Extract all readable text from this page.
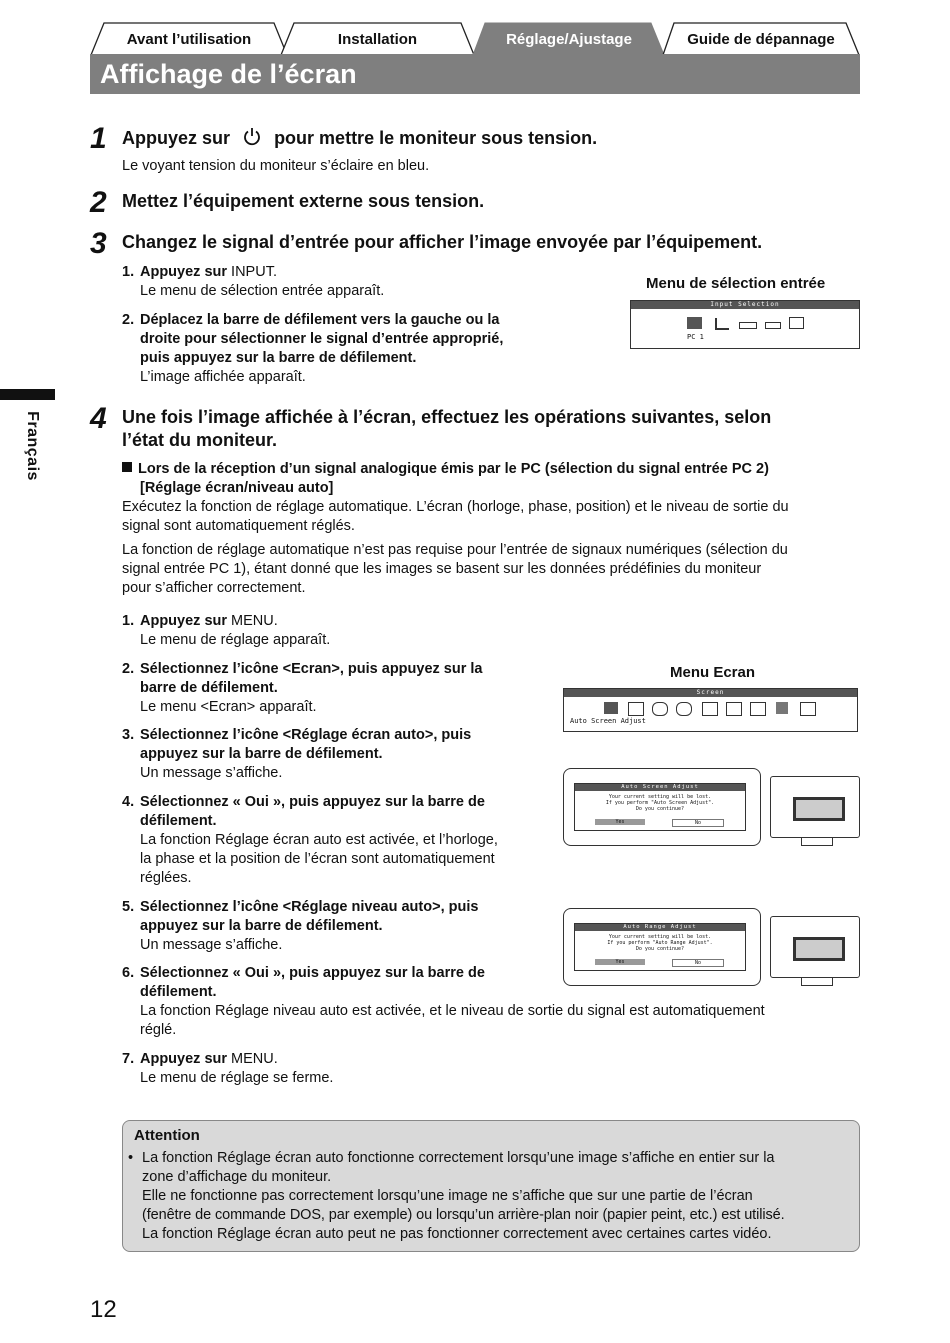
Avant l’utilisation	Installation	Réglage/Ajustage	Guide de dépannage
Affichage de l’écran
Français
1 Appuyez sur pour mettre le moniteur sous tension.
Le voyant tension du moniteur s’éclaire en bleu.
2 Mettez l’équipement externe sous tension.
3 Changez le signal d’entrée pour afficher l’image envoyée par l’équipement.
1. Appuyez sur INPUT.
Le menu de sélection entrée apparaît.
2. Déplacez la barre de défilement vers la gauche ou la
droite pour sélectionner le signal d’entrée approprié,
puis appuyez sur la barre de défilement.
L’image affichée apparaît.
Menu de sélection entrée
Input Selection
PC 1
4 Une fois l’image affichée à l’écran, effectuez les opérations suivantes, selon
l’état du moniteur.
Lors de la réception d’un signal analogique émis par le PC (sélection du signal entrée PC 2)
[Réglage écran/niveau auto]
Exécutez la fonction de réglage automatique. L’écran (horloge, phase, position) et le niveau de sortie du
signal sont automatiquement réglés.
La fonction de réglage automatique n’est pas requise pour l’entrée de signaux numériques (sélection du
signal entrée PC 1), étant donné que les images se basent sur les données prédéfinies du moniteur
pour s’afficher correctement.
1. Appuyez sur MENU.
Le menu de réglage apparaît.
2. Sélectionnez l’icône <Ecran>, puis appuyez sur la
barre de défilement.
Le menu <Ecran> apparaît.
3. Sélectionnez l’icône <Réglage écran auto>, puis
appuyez sur la barre de défilement.
Un message s’affiche.
4. Sélectionnez « Oui », puis appuyez sur la barre de
défilement.
La fonction Réglage écran auto est activée, et l’horloge,
la phase et la position de l’écran sont automatiquement
réglées.
5. Sélectionnez l’icône <Réglage niveau auto>, puis
appuyez sur la barre de défilement.
Un message s’affiche.
6. Sélectionnez « Oui », puis appuyez sur la barre de
défilement.
La fonction Réglage niveau auto est activée, et le niveau de sortie du signal est automatiquement
réglé.
7. Appuyez sur MENU.
Le menu de réglage se ferme.
Menu Ecran
Screen
Auto Screen Adjust
Auto Screen Adjust
Your current setting will be lost.
If you perform "Auto Screen Adjust".
Do you continue?
Yes	No
Auto Range Adjust
Your current setting will be lost.
If you perform "Auto Range Adjust".
Do you continue?
Yes	No
Attention
• La fonction Réglage écran auto fonctionne correctement lorsqu’une image s’affiche en entier sur la
zone d’affichage du moniteur.
Elle ne fonctionne pas correctement lorsqu’une image ne s’affiche que sur une partie de l’écran
(fenêtre de commande DOS, par exemple) ou lorsqu’un arrière-plan noir (papier peint, etc.) est utilisé.
La fonction Réglage écran auto peut ne pas fonctionner correctement avec certaines cartes vidéo.
12
